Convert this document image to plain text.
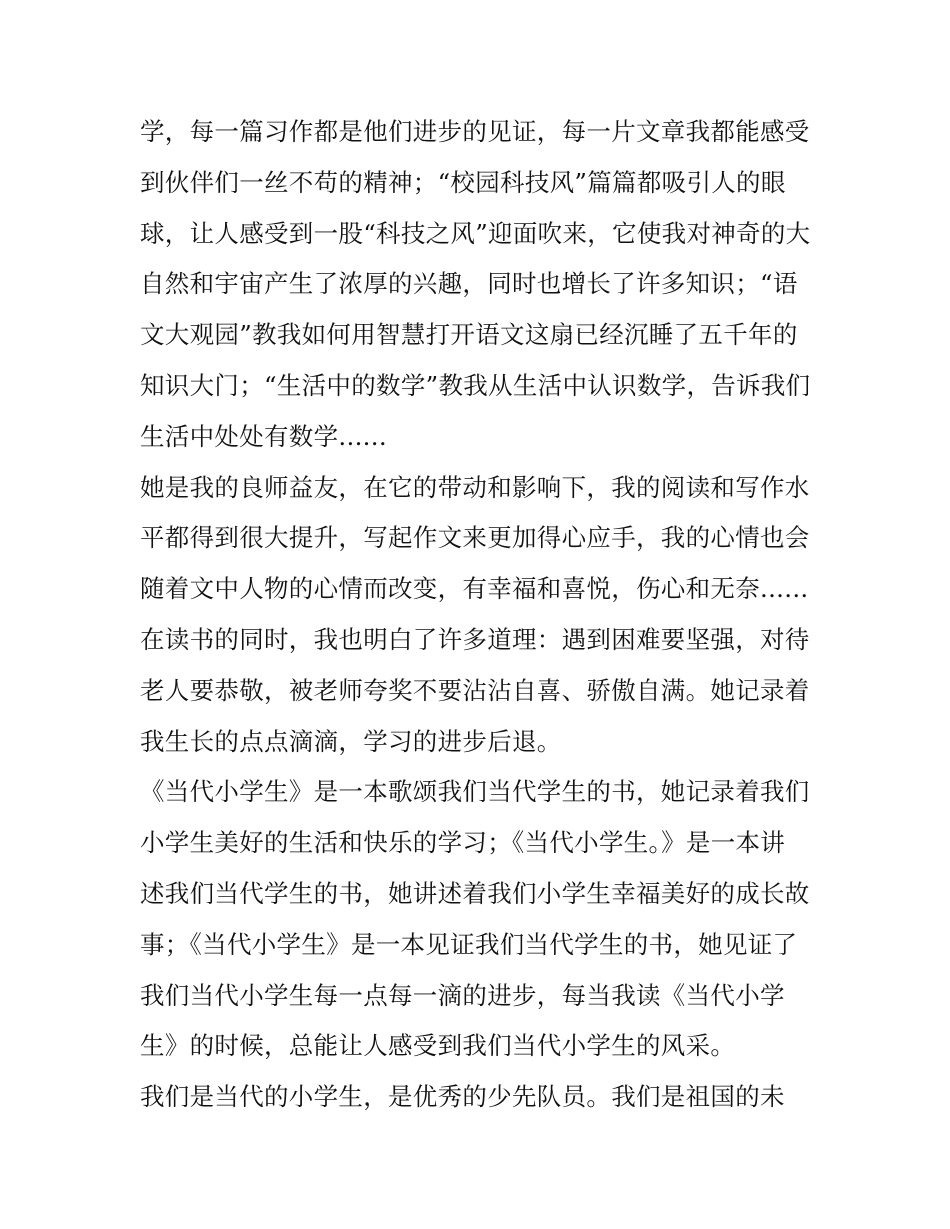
学，每一篇习作都是他们进步的见证，每一片文章我都能感受
到伙伴们一丝不苟的精神；“校园科技风”篇篇都吸引人的眼
球，让人感受到一股“科技之风”迎面吹来，它使我对神奇的大
自然和宇宙产生了浓厚的兴趣，同时也增长了许多知识；“语
文大观园”教我如何用智慧打开语文这扇已经沉睡了五千年的
知识大门；“生活中的数学”教我从生活中认识数学，告诉我们
生活中处处有数学......
她是我的良师益友，在它的带动和影响下，我的阅读和写作水
平都得到很大提升，写起作文来更加得心应手，我的心情也会
随着文中人物的心情而改变，有幸福和喜悦，伤心和无奈......
在读书的同时，我也明白了许多道理：遇到困难要坚强，对待
老人要恭敬，被老师夸奖不要沾沾自喜、骄傲自满。她记录着
我生长的点点滴滴，学习的进步后退。
《当代小学生》是一本歌颂我们当代学生的书，她记录着我们
小学生美好的生活和快乐的学习；《当代小学生。》是一本讲
述我们当代学生的书，她讲述着我们小学生幸福美好的成长故
事；《当代小学生》是一本见证我们当代学生的书，她见证了
我们当代小学生每一点每一滴的进步，每当我读《当代小学
生》的时候，总能让人感受到我们当代小学生的风采。
我们是当代的小学生，是优秀的少先队员。我们是祖国的未
